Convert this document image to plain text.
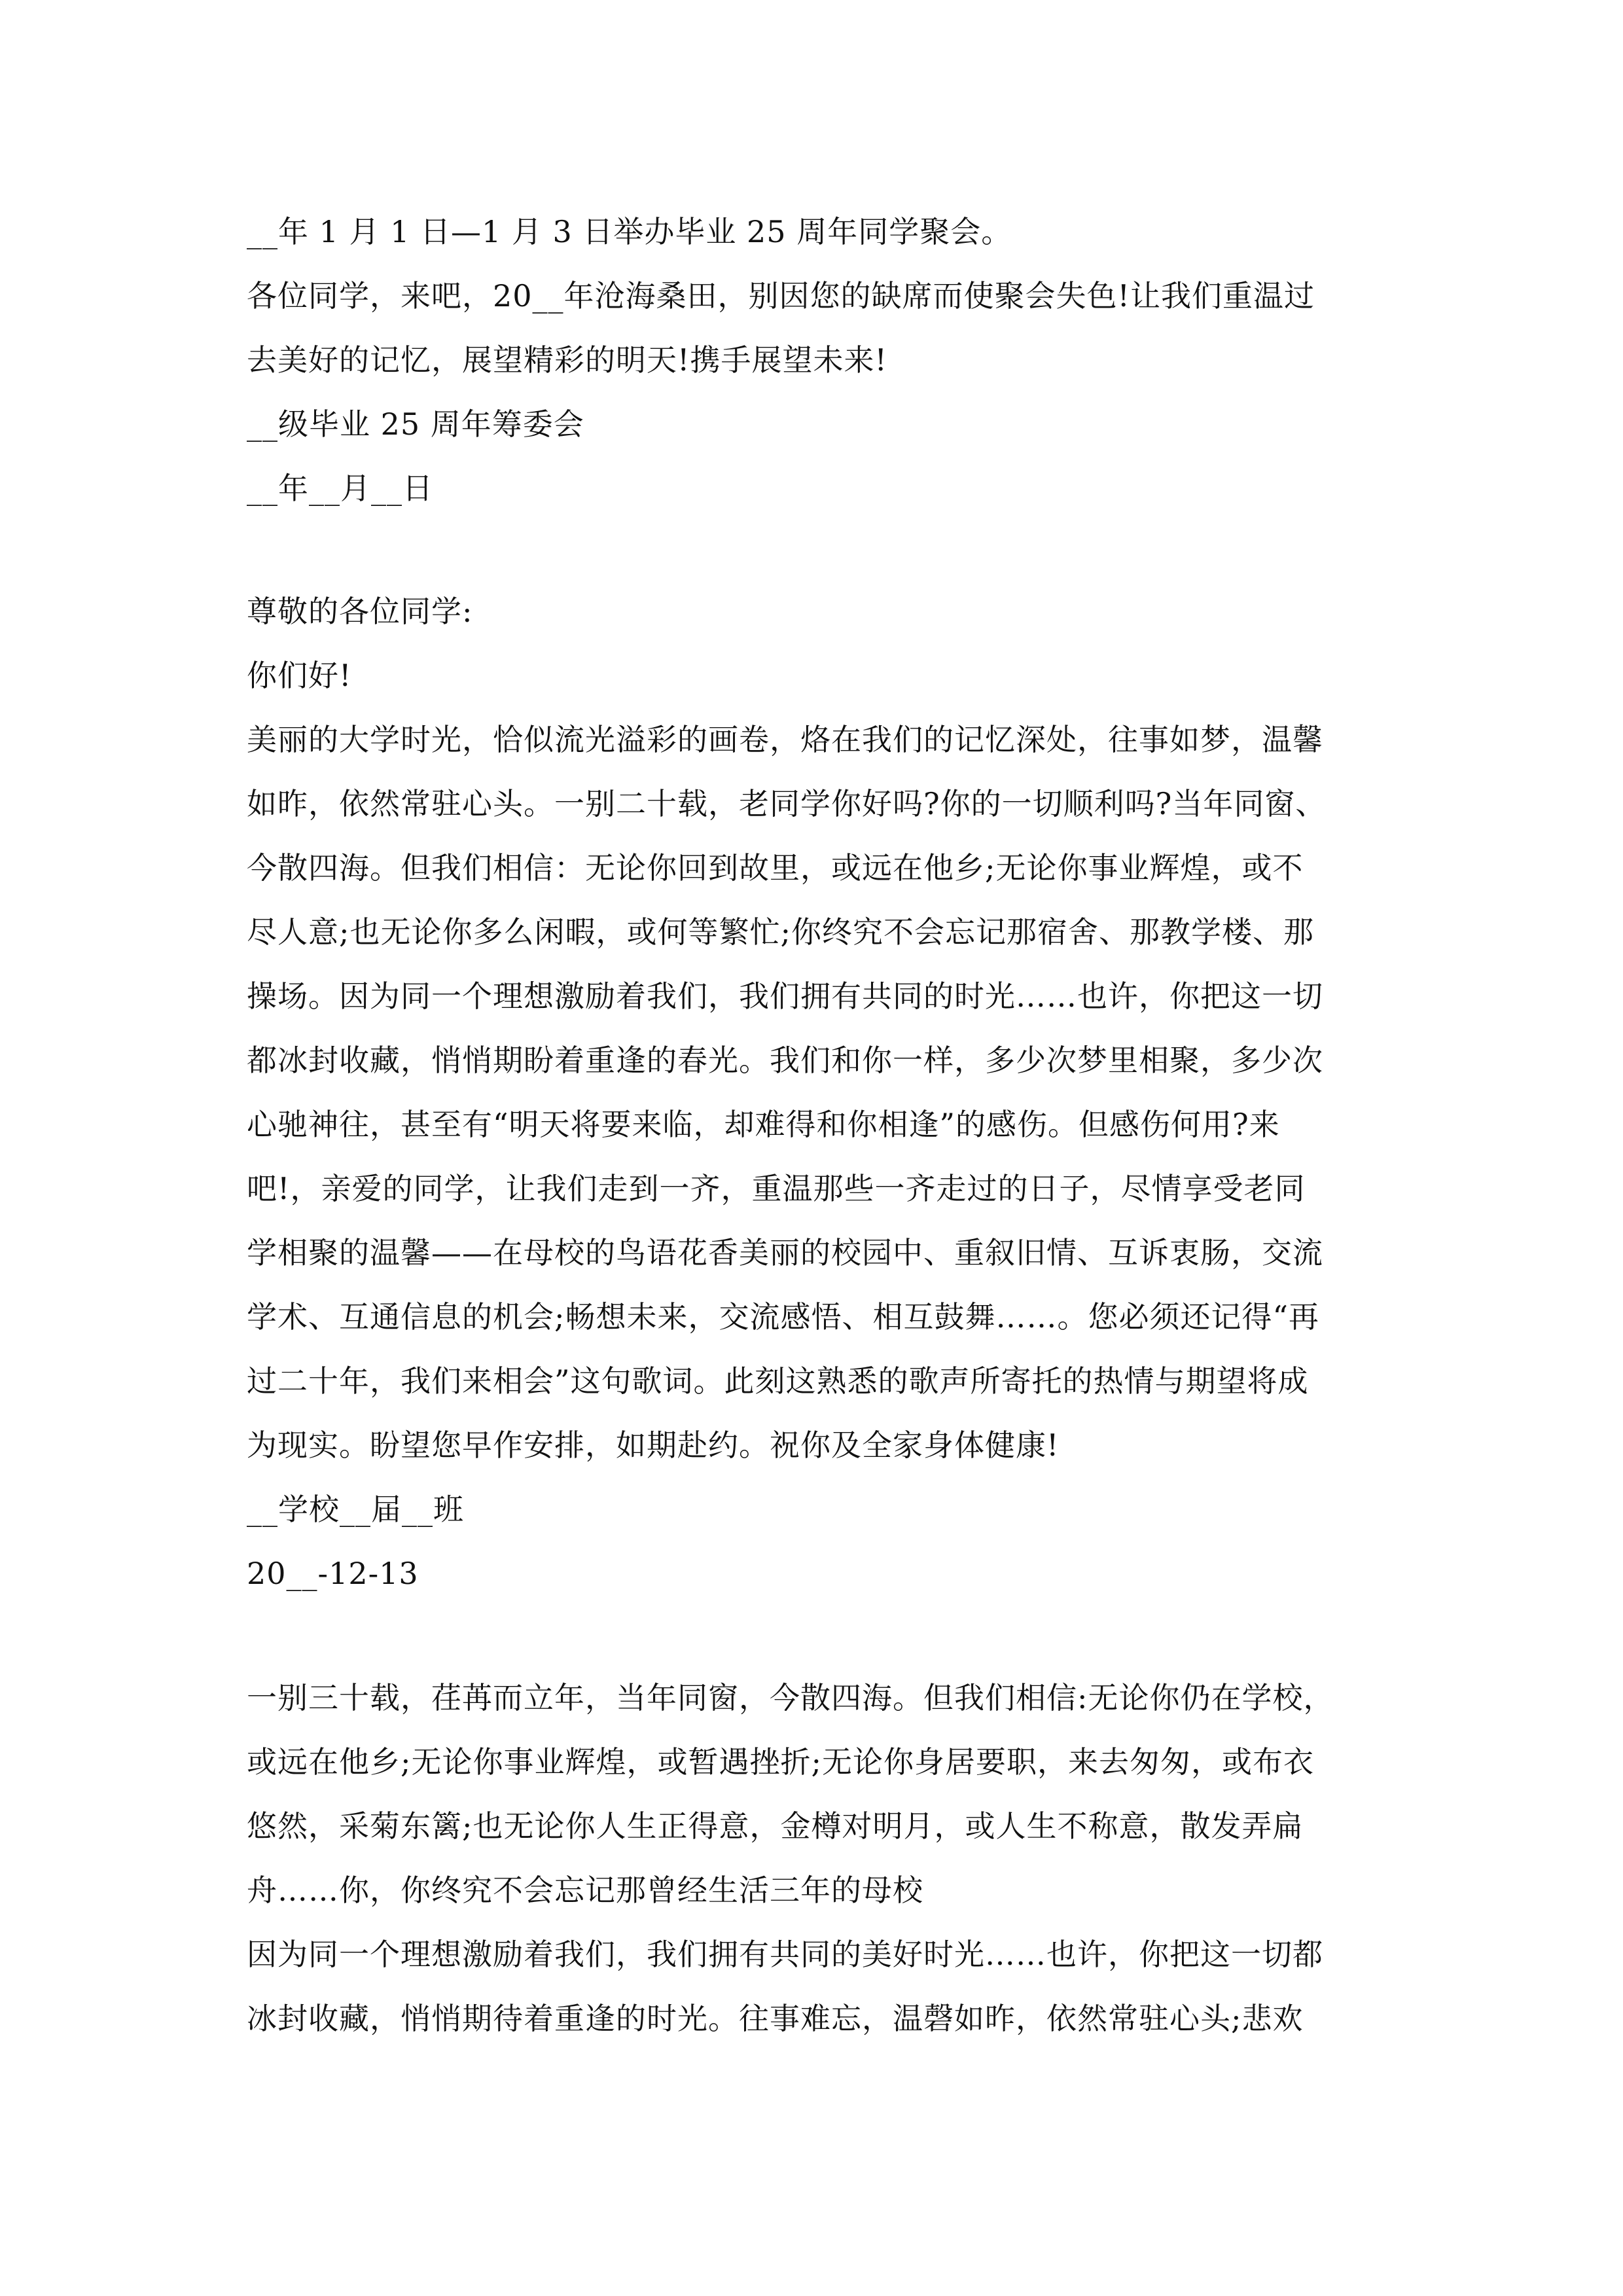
__年 1 月 1 日—1 月 3 日举办毕业 25 周年同学聚会。
各位同学，来吧，20__年沧海桑田，别因您的缺席而使聚会失色!让我们重温过
去美好的记忆，展望精彩的明天!携手展望未来!
__级毕业 25 周年筹委会
__年__月__日
尊敬的各位同学:
你们好!
美丽的大学时光，恰似流光溢彩的画卷，烙在我们的记忆深处，往事如梦，温馨
如昨，依然常驻心头。一别二十载，老同学你好吗?你的一切顺利吗?当年同窗、
今散四海。但我们相信：无论你回到故里，或远在他乡;无论你事业辉煌，或不
尽人意;也无论你多么闲暇，或何等繁忙;你终究不会忘记那宿舍、那教学楼、那
操场。因为同一个理想激励着我们，我们拥有共同的时光……也许，你把这一切
都冰封收藏，悄悄期盼着重逢的春光。我们和你一样，多少次梦里相聚，多少次
心驰神往，甚至有“明天将要来临，却难得和你相逢”的感伤。但感伤何用?来
吧!，亲爱的同学，让我们走到一齐，重温那些一齐走过的日子，尽情享受老同
学相聚的温馨——在母校的鸟语花香美丽的校园中、重叙旧情、互诉衷肠，交流
学术、互通信息的机会;畅想未来，交流感悟、相互鼓舞……。您必须还记得“再
过二十年，我们来相会”这句歌词。此刻这熟悉的歌声所寄托的热情与期望将成
为现实。盼望您早作安排，如期赴约。祝你及全家身体健康!
__学校__届__班
20__-12-13
一别三十载，荏苒而立年，当年同窗，今散四海。但我们相信:无论你仍在学校，
或远在他乡;无论你事业辉煌，或暂遇挫折;无论你身居要职，来去匆匆，或布衣
悠然，采菊东篱;也无论你人生正得意，金樽对明月，或人生不称意，散发弄扁
舟……你，你终究不会忘记那曾经生活三年的母校
因为同一个理想激励着我们，我们拥有共同的美好时光……也许，你把这一切都
冰封收藏，悄悄期待着重逢的时光。往事难忘，温磬如昨，依然常驻心头;悲欢
